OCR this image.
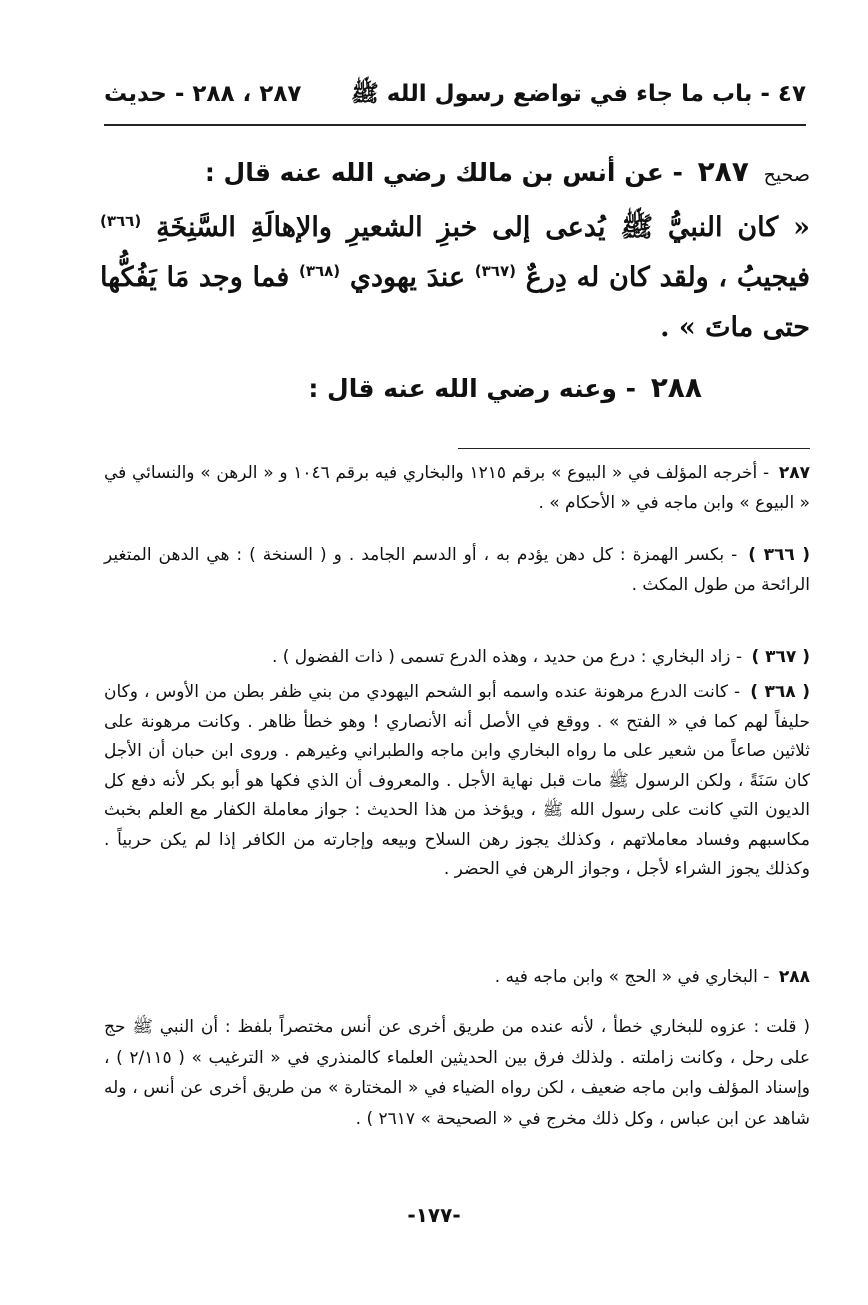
٤٧ - باب ما جاء في تواضع رسول الله ﷺ
٢٨٧ ، ٢٨٨ - حديث
صحيح ٢٨٧ - عن أنس بن مالك رضي الله عنه قال :
« كان النبيُّ ﷺ يُدعى إلى خبزِ الشعيرِ والإهالَةِ السَّنِخَةِ $^{(٣٦٦)}$ فيجيبُ ، ولقد كان له دِرعٌ $^{(٣٦٧)}$ عندَ يهودي $^{(٣٦٨)}$ فما وجد مَا يَفُكُّها حتى ماتَ » .
٢٨٨ - وعنه رضي الله عنه قال :
٢٨٧ - أخرجه المؤلف في « البيوع » برقم ١٢١٥ والبخاري فيه برقم ١٠٤٦ و « الرهن » والنسائي في « البيوع » وابن ماجه في « الأحكام » .
( ٣٦٦ ) - بكسر الهمزة : كل دهن يؤدم به ، أو الدسم الجامد . و ( السنخة ) : هي الدهن المتغير الرائحة من طول المكث .
( ٣٦٧ ) - زاد البخاري : درع من حديد ، وهذه الدرع تسمى ( ذات الفضول ) .
( ٣٦٨ ) - كانت الدرع مرهونة عنده واسمه أبو الشحم اليهودي من بني ظفر بطن من الأوس ، وكان حليفاً لهم كما في « الفتح » . ووقع في الأصل أنه الأنصاري ! وهو خطأ ظاهر . وكانت مرهونة على ثلاثين صاعاً من شعير على ما رواه البخاري وابن ماجه والطبراني وغيرهم . وروى ابن حبان أن الأجل كان سَنَةً ، ولكن الرسول ﷺ مات قبل نهاية الأجل . والمعروف أن الذي فكها هو أبو بكر لأنه دفع كل الديون التي كانت على رسول الله ﷺ ، ويؤخذ من هذا الحديث : جواز معاملة الكفار مع العلم بخبث مكاسبهم وفساد معاملاتهم ، وكذلك يجوز رهن السلاح وبيعه وإجارته من الكافر إذا لم يكن حربياً . وكذلك يجوز الشراء لأجل ، وجواز الرهن في الحضر .
٢٨٨ - البخاري في « الحج » وابن ماجه فيه .
( قلت : عزوه للبخاري خطأ ، لأنه عنده من طريق أخرى عن أنس مختصراً بلفظ : أن النبي ﷺ حج على رحل ، وكانت زاملته . ولذلك فرق بين الحديثين العلماء كالمنذري في « الترغيب » ( ٢/١١٥ ) ، وإسناد المؤلف وابن ماجه ضعيف ، لكن رواه الضياء في « المختارة » من طريق أخرى عن أنس ، وله شاهد عن ابن عباس ، وكل ذلك مخرج في « الصحيحة » ٢٦١٧ ) .
-١٧٧-
